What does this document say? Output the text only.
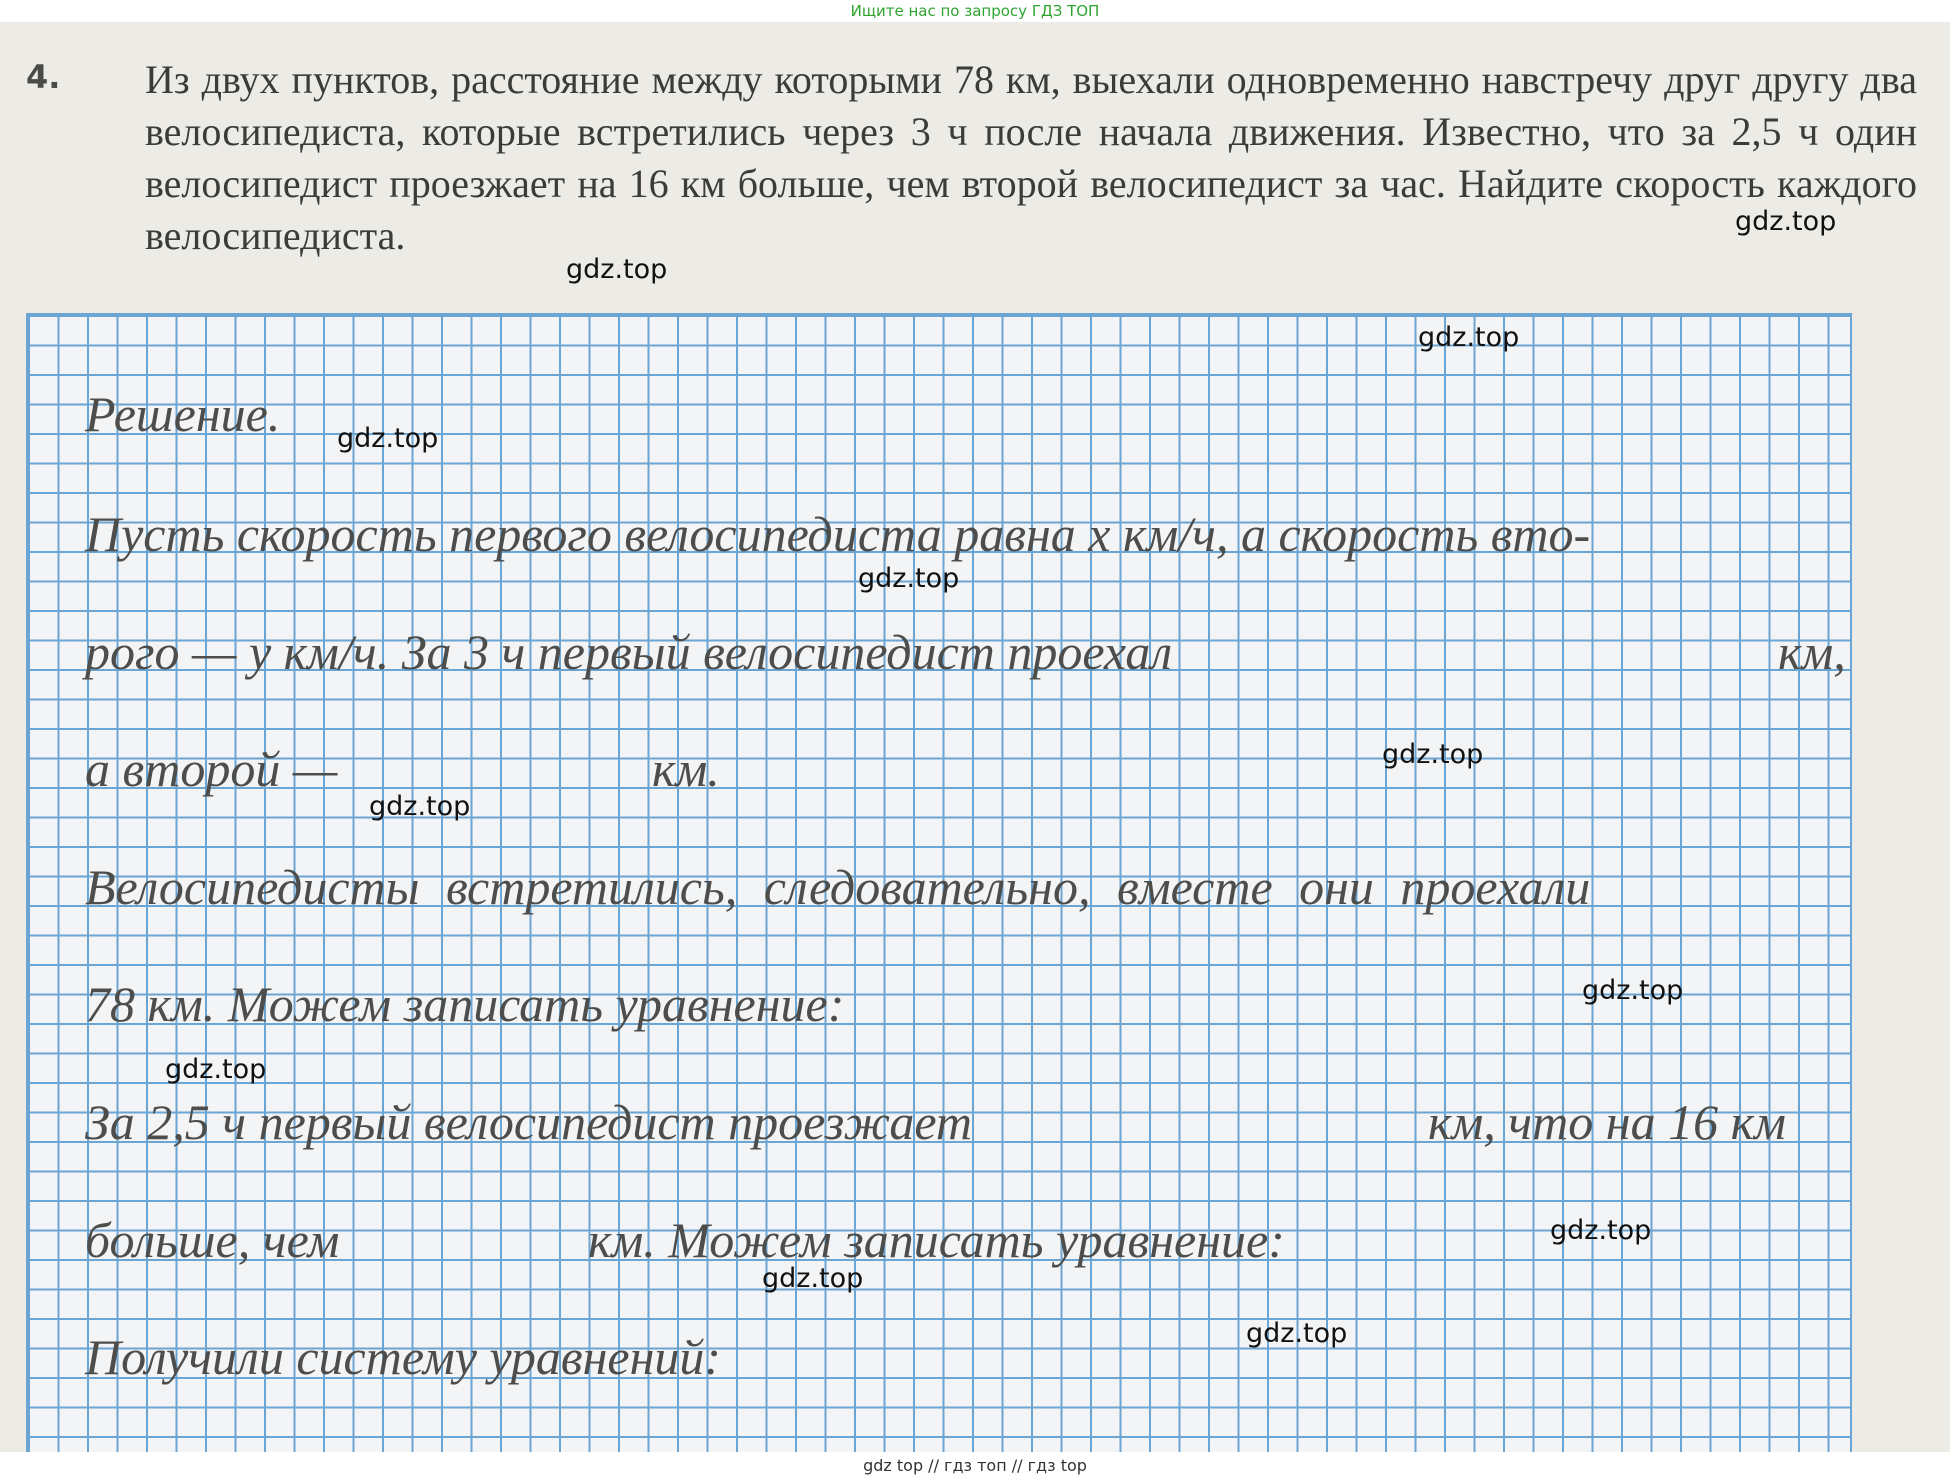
4. Из двух пунктов, расстояние между которыми 78 км, выехали одновременно навстречу друг другу два велосипедиста, которые встретились через 3 ч после начала движения. Известно, что за 2,5 ч один велосипедист проезжает на 16 км больше, чем второй велосипедист за час. Найдите скорость каждого велосипедиста.
Решение.
Пусть скорость первого велосипедиста равна x км/ч, а скорость вто-
рого — y км/ч. За 3 ч первый велосипедист проехал	км,
а второй —	км.
Велосипедисты встретились, следовательно, вместе они проехали
78 км. Можем записать уравнение:
За 2,5 ч первый велосипедист проезжает	км, что на 16 км
больше, чем	км. Можем записать уравнение:
Получили систему уравнений:
gdz.top
gdz.top
gdz.top
gdz.top
gdz.top
gdz.top
gdz.top
gdz.top
gdz.top
gdz.top
gdz.top
gdz.top
Ищите нас по запросу ГДЗ ТОП
gdz top // гдз топ // гдз top
